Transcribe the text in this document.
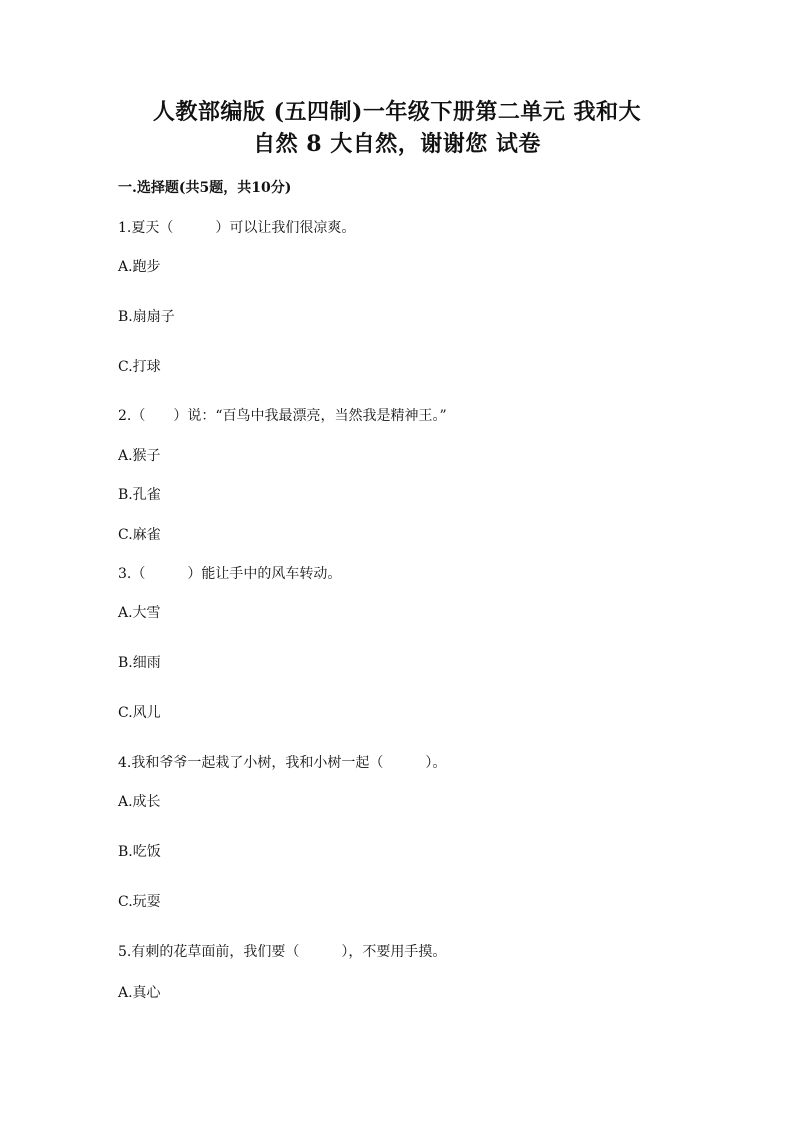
人教部编版 (五四制)一年级下册第二单元 我和大
自然 8 大自然，谢谢您 试卷
一.选择题(共5题，共10分)
1.夏天（　　　）可以让我们很凉爽。
A.跑步
B.扇扇子
C.打球
2.（　　）说：“百鸟中我最漂亮，当然我是精神王。”
A.猴子
B.孔雀
C.麻雀
3.（　　　）能让手中的风车转动。
A.大雪
B.细雨
C.风儿
4.我和爷爷一起栽了小树，我和小树一起（　　　）。
A.成长
B.吃饭
C.玩耍
5.有刺的花草面前，我们要（　　　），不要用手摸。
A.真心
